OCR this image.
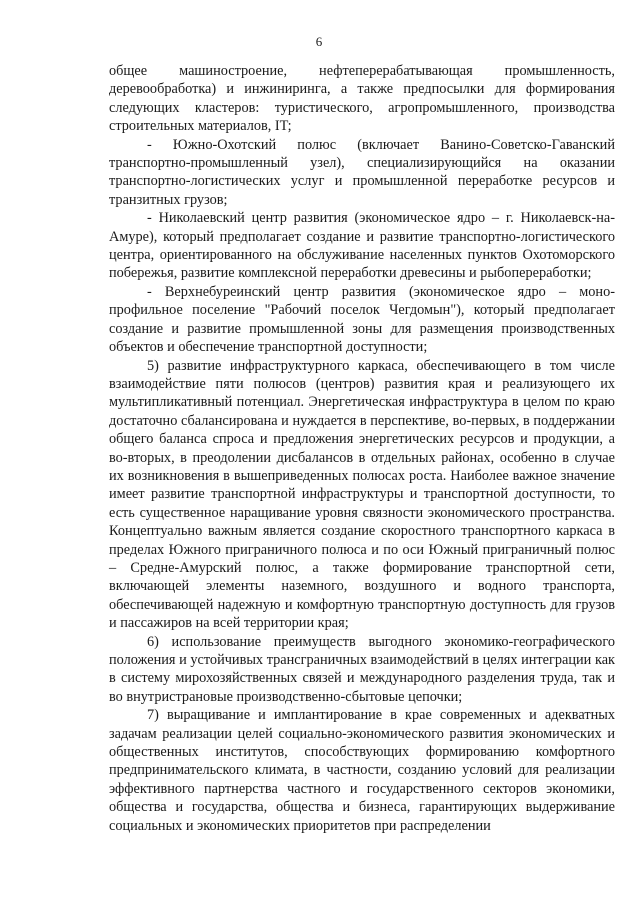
6

общее машиностроение, нефтеперерабатывающая промышленность, деревообработка) и инжиниринга, а также предпосылки для формирования следующих кластеров: туристического, агропромышленного, производства строительных материалов, IT;

- Южно-Охотский полюс (включает Ванино-Советско-Гаванский транспортно-промышленный узел), специализирующийся на оказании транспортно-логистических услуг и промышленной переработке ресурсов и транзитных грузов;

- Николаевский центр развития (экономическое ядро – г. Николаевск-на-Амуре), который предполагает создание и развитие транспортно-логистического центра, ориентированного на обслуживание населенных пунктов Охотоморского побережья, развитие комплексной переработки древесины и рыбопереработки;

- Верхнебуреинский центр развития (экономическое ядро – моно-профильное поселение "Рабочий поселок Чегдомын"), который предполагает создание и развитие промышленной зоны для размещения производственных объектов и обеспечение транспортной доступности;

5) развитие инфраструктурного каркаса, обеспечивающего в том числе взаимодействие пяти полюсов (центров) развития края и реализующего их мультипликативный потенциал. Энергетическая инфраструктура в целом по краю достаточно сбалансирована и нуждается в перспективе, во-первых, в поддержании общего баланса спроса и предложения энергетических ресурсов и продукции, а во-вторых, в преодолении дисбалансов в отдельных районах, особенно в случае их возникновения в вышеприведенных полюсах роста. Наиболее важное значение имеет развитие транспортной инфраструктуры и транспортной доступности, то есть существенное наращивание уровня связности экономического пространства. Концептуально важным является создание скоростного транспортного каркаса в пределах Южного приграничного полюса и по оси Южный приграничный полюс – Средне-Амурский полюс, а также формирование транспортной сети, включающей элементы наземного, воздушного и водного транспорта, обеспечивающей надежную и комфортную транспортную доступность для грузов и пассажиров на всей территории края;

6) использование преимуществ выгодного экономико-географического положения и устойчивых трансграничных взаимодействий в целях интеграции как в систему мирохозяйственных связей и международного разделения труда, так и во внутристрановые производственно-сбытовые цепочки;

7) выращивание и имплантирование в крае современных и адекватных задачам реализации целей социально-экономического развития экономических и общественных институтов, способствующих формированию комфортного предпринимательского климата, в частности, созданию условий для реализации эффективного партнерства частного и государственного секторов экономики, общества и государства, общества и бизнеса, гарантирующих выдерживание социальных и экономических приоритетов при распределении
